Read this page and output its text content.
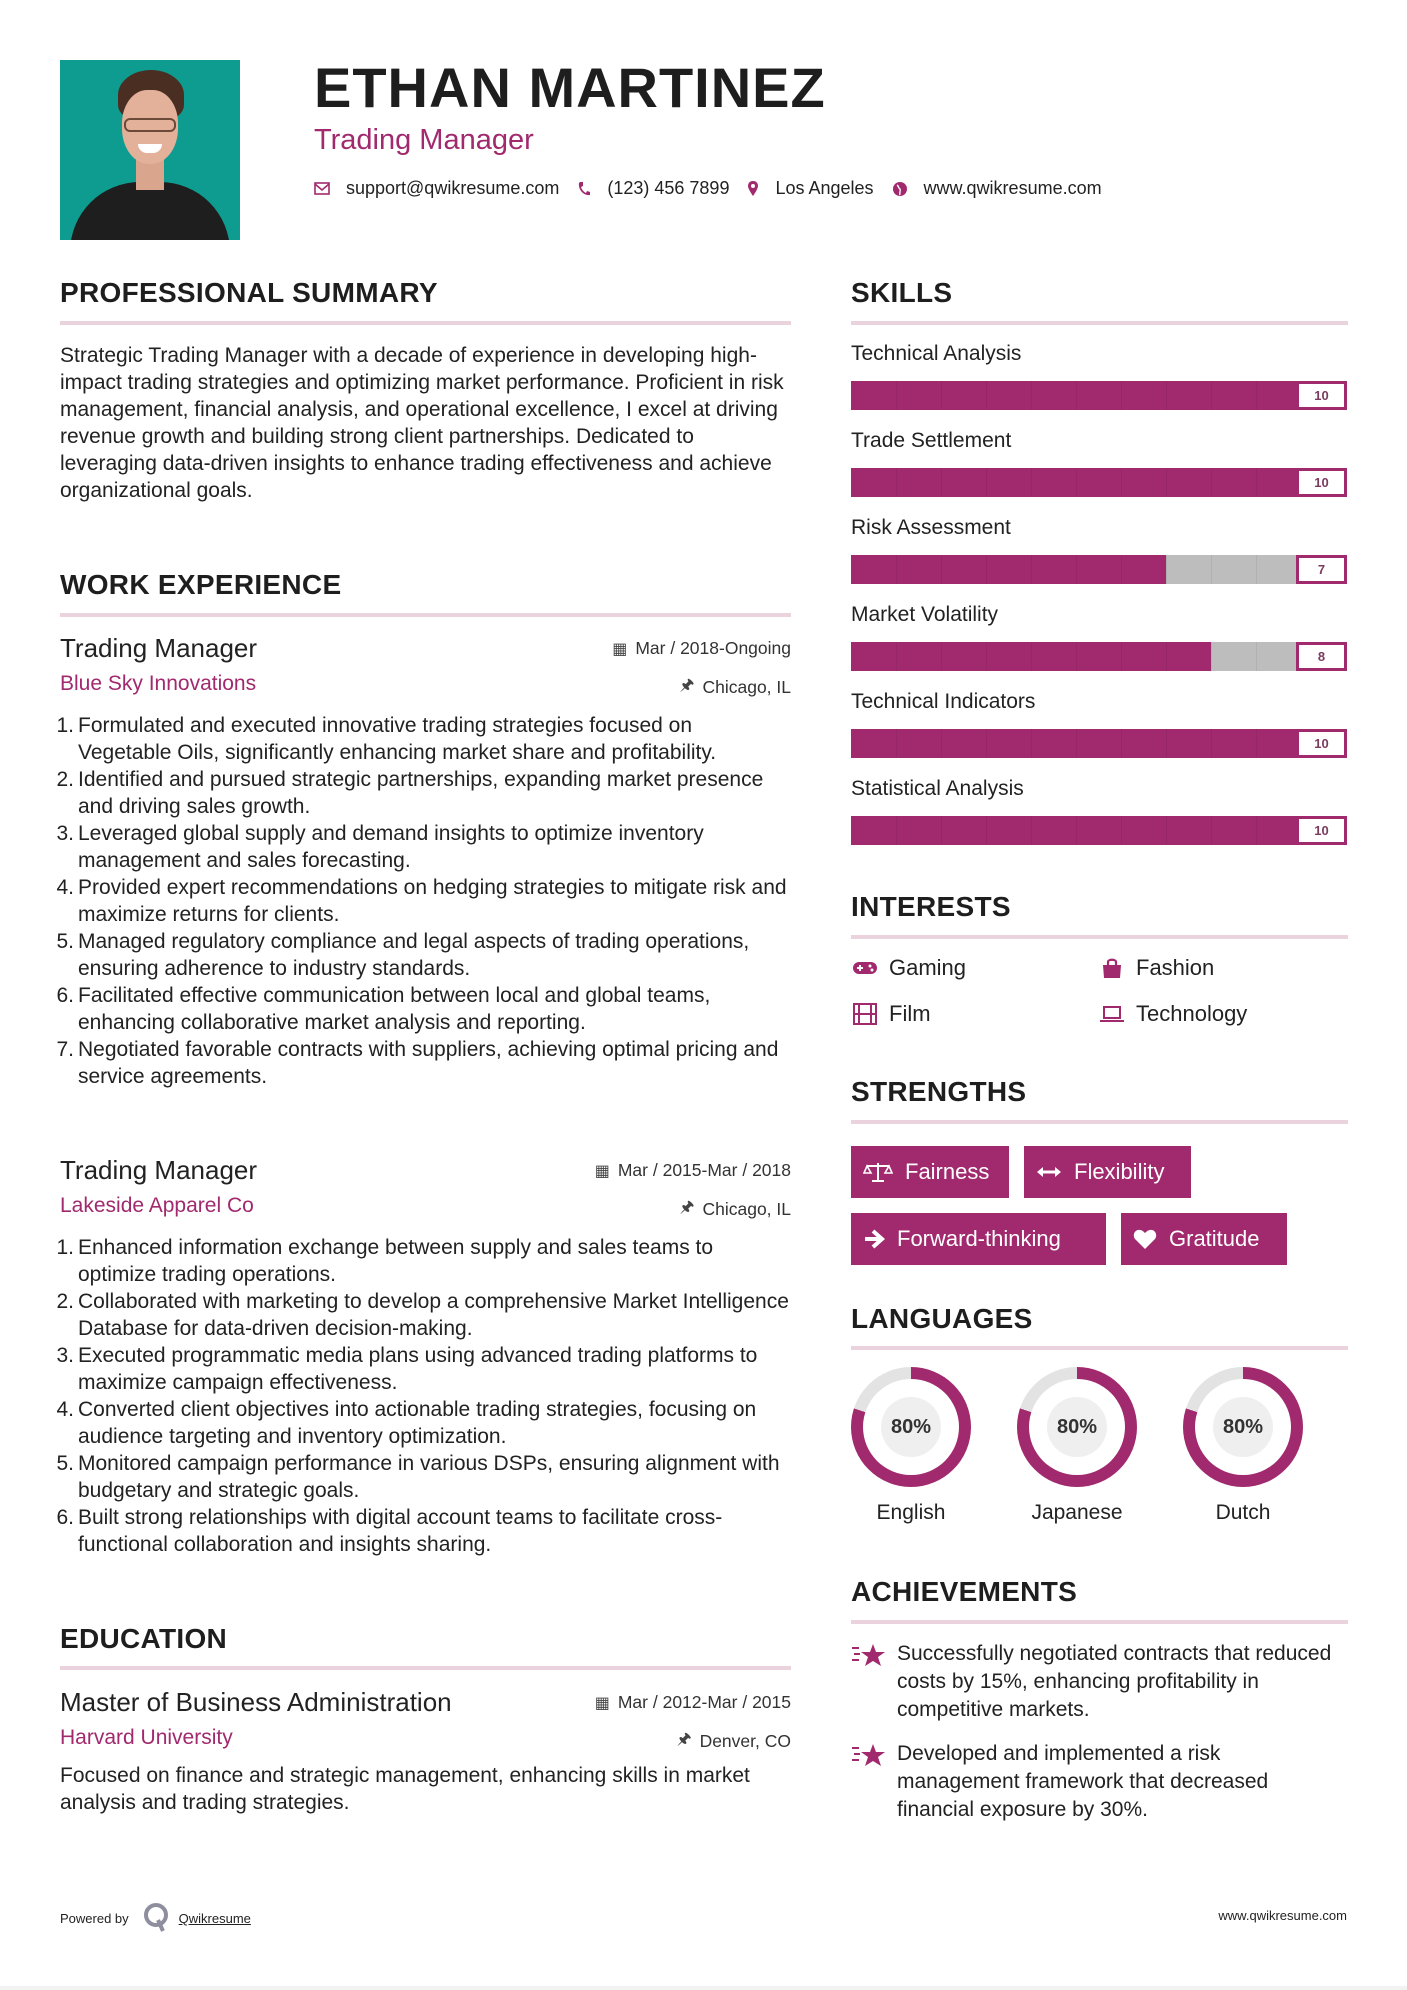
ETHAN MARTINEZ
Trading Manager
support@qwikresume.com	(123) 456 7899	Los Angeles	www.qwikresume.com
PROFESSIONAL SUMMARY
Strategic Trading Manager with a decade of experience in developing high-impact trading strategies and optimizing market performance. Proficient in risk management, financial analysis, and operational excellence, I excel at driving revenue growth and building strong client partnerships. Dedicated to leveraging data-driven insights to enhance trading effectiveness and achieve organizational goals.
WORK EXPERIENCE
Trading Manager
Blue Sky Innovations
▦ Mar / 2018-Ongoing
🖈︎ Chicago, IL
1. Formulated and executed innovative trading strategies focused on Vegetable Oils, significantly enhancing market share and profitability.
2. Identified and pursued strategic partnerships, expanding market presence and driving sales growth.
3. Leveraged global supply and demand insights to optimize inventory management and sales forecasting.
4. Provided expert recommendations on hedging strategies to mitigate risk and maximize returns for clients.
5. Managed regulatory compliance and legal aspects of trading operations, ensuring adherence to industry standards.
6. Facilitated effective communication between local and global teams, enhancing collaborative market analysis and reporting.
7. Negotiated favorable contracts with suppliers, achieving optimal pricing and service agreements.
Trading Manager
Lakeside Apparel Co
▦ Mar / 2015-Mar / 2018
🖈︎ Chicago, IL
1. Enhanced information exchange between supply and sales teams to optimize trading operations.
2. Collaborated with marketing to develop a comprehensive Market Intelligence Database for data-driven decision-making.
3. Executed programmatic media plans using advanced trading platforms to maximize campaign effectiveness.
4. Converted client objectives into actionable trading strategies, focusing on audience targeting and inventory optimization.
5. Monitored campaign performance in various DSPs, ensuring alignment with budgetary and strategic goals.
6. Built strong relationships with digital account teams to facilitate cross-functional collaboration and insights sharing.
EDUCATION
Master of Business Administration
Harvard University
▦ Mar / 2012-Mar / 2015
🖈︎ Denver, CO
Focused on finance and strategic management, enhancing skills in market analysis and trading strategies.
SKILLS
Technical Analysis
10
Trade Settlement
10
Risk Assessment
7
Market Volatility
8
Technical Indicators
10
Statistical Analysis
10
INTERESTS
Gaming	Fashion
Film	Technology
STRENGTHS
Fairness	Flexibility
Forward-thinking	Gratitude
LANGUAGES
80%
English
80%
Japanese
80%
Dutch
ACHIEVEMENTS
Successfully negotiated contracts that reduced costs by 15%, enhancing profitability in competitive markets.
Developed and implemented a risk management framework that decreased financial exposure by 30%.
Powered by	Qwikresume	www.qwikresume.com
